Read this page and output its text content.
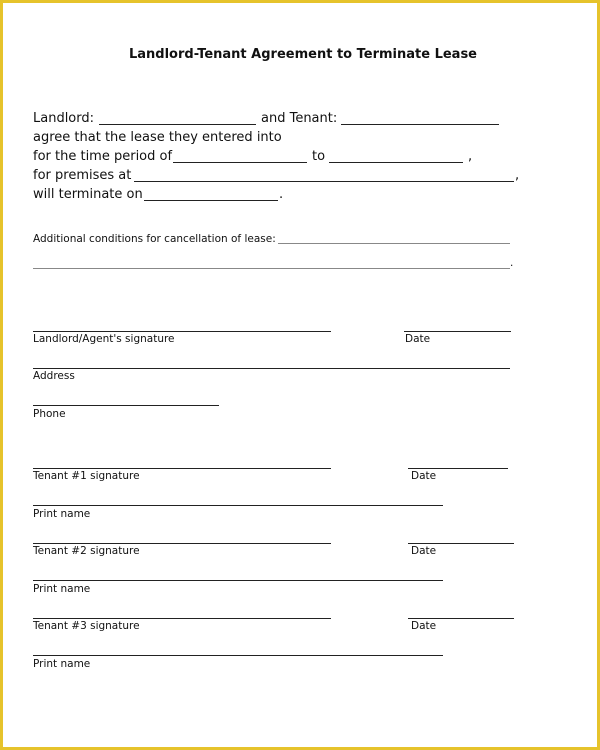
Landlord-Tenant Agreement to Terminate Lease
Landlord:	and Tenant:
agree that the lease they entered into
for the time period of	to	,
for premises at	,
will terminate on	.
Additional conditions for cancellation of lease:
.
Landlord/Agent's signature	Date
Address
Phone
Tenant #1 signature	Date
Print name
Tenant #2 signature	Date
Print name
Tenant #3 signature	Date
Print name
